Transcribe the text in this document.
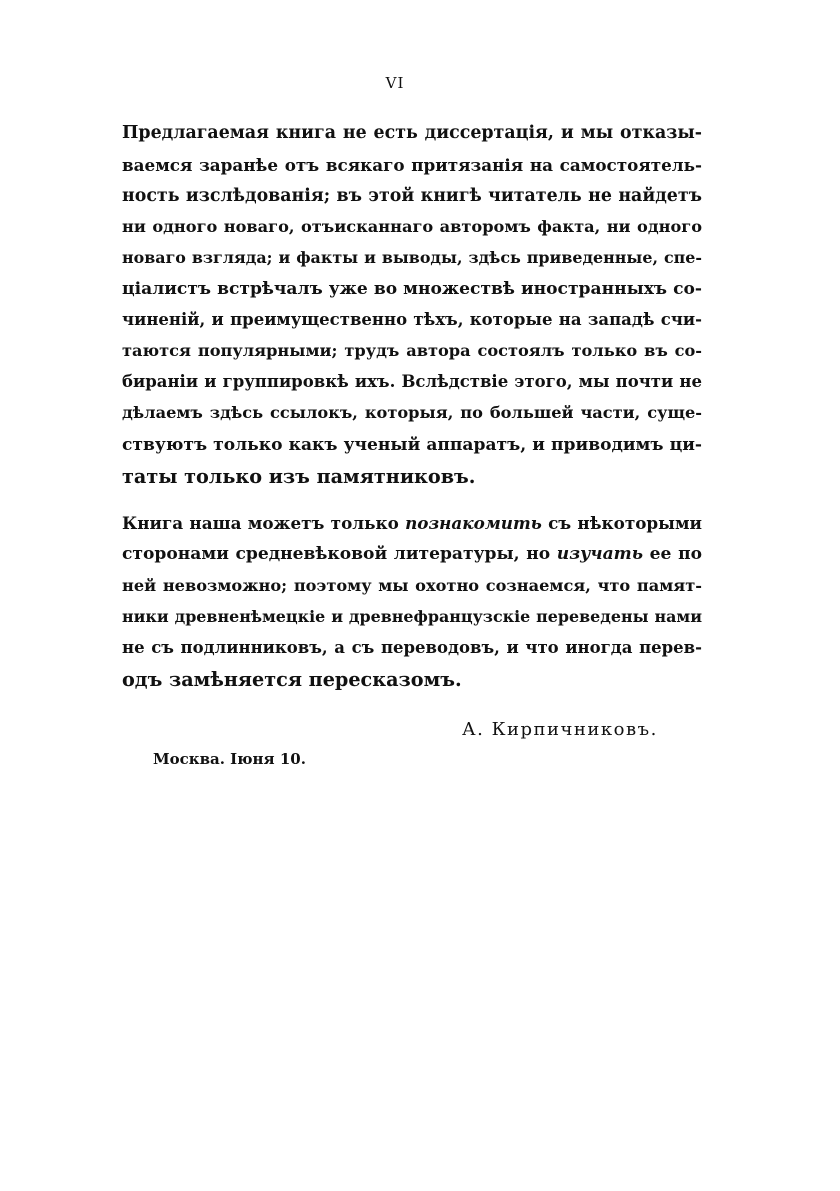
VI
Предлагаемая книга не есть диссертація, и мы отказы-
ваемся заранѣе отъ всякаго притязанія на самостоятель-
ность изслѣдованія; въ этой книгѣ читатель не найдетъ
ни одного новаго, отъисканнаго авторомъ факта, ни одного
новаго взгляда; и факты и выводы, здѣсь приведенные, спе-
ціалистъ встрѣчалъ уже во множествѣ иностранныхъ со-
чиненій, и преимущественно тѣхъ, которые на западѣ счи-
таются популярными; трудъ автора состоялъ только въ со-
бираніи и группировкѣ ихъ. Вслѣдствіе этого, мы почти не
дѣлаемъ здѣсь ссылокъ, которыя, по большей части, суще-
ствуютъ только какъ ученый аппаратъ, и приводимъ ци-
таты только изъ памятниковъ.
Книга наша можетъ только познакомить съ нѣкоторыми
сторонами средневѣковой литературы, но изучать ее по
ней невозможно; поэтому мы охотно сознаемся, что памят-
ники древненѣмецкіе и древнефранцузскіе переведены нами
не съ подлинниковъ, а съ переводовъ, и что иногда перев-
одъ замѣняется пересказомъ.
А. Кирпичниковъ.
Москва. Іюня 10.
